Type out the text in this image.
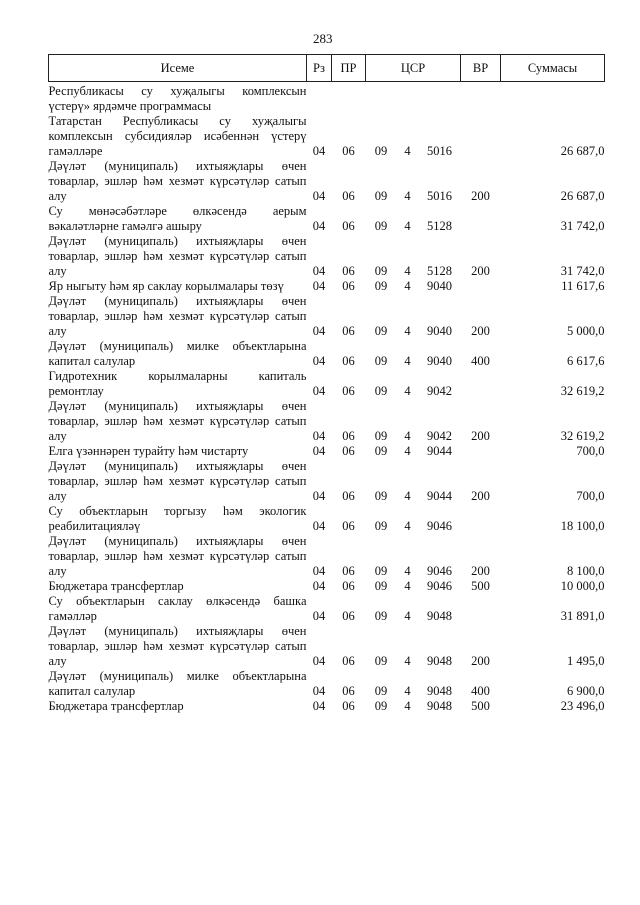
283
Исеме	Рз	ПР	ЦСР			ВР	Суммасы
Республикасы су хуҗалыгы комплексын үстерү» ярдәмче программасы							
Татарстан Республикасы су хуҗалыгы комплексын субсидияләр исәбеннән үстерү гамәлләре	04	06	09	4	5016		26 687,0
Дәүләт (муниципаль) ихтыяҗлары өчен товарлар, эшләр һәм хезмәт күрсәтүләр сатып алу	04	06	09	4	5016	200	26 687,0
Су мөнәсәбәтләре өлкәсендә аерым вәкаләтләрне гамәлгә ашыру	04	06	09	4	5128		31 742,0
Дәүләт (муниципаль) ихтыяҗлары өчен товарлар, эшләр һәм хезмәт күрсәтүләр сатып алу	04	06	09	4	5128	200	31 742,0
Яр ныгыту һәм яр саклау корылмалары төзү	04	06	09	4	9040		11 617,6
Дәүләт (муниципаль) ихтыяҗлары өчен товарлар, эшләр һәм хезмәт күрсәтүләр сатып алу	04	06	09	4	9040	200	5 000,0
Дәүләт (муниципаль) милке объектларына капитал салулар	04	06	09	4	9040	400	6 617,6
Гидротехник корылмаларны капиталь ремонтлау	04	06	09	4	9042		32 619,2
Дәүләт (муниципаль) ихтыяҗлары өчен товарлар, эшләр һәм хезмәт күрсәтүләр сатып алу	04	06	09	4	9042	200	32 619,2
Елга үзәннәрен турайту һәм чистарту	04	06	09	4	9044		700,0
Дәүләт (муниципаль) ихтыяҗлары өчен товарлар, эшләр һәм хезмәт күрсәтүләр сатып алу	04	06	09	4	9044	200	700,0
Су объектларын торгызу һәм экологик реабилитацияләү	04	06	09	4	9046		18 100,0
Дәүләт (муниципаль) ихтыяҗлары өчен товарлар, эшләр һәм хезмәт күрсәтүләр сатып алу	04	06	09	4	9046	200	8 100,0
Бюджетара трансфертлар	04	06	09	4	9046	500	10 000,0
Су объектларын саклау өлкәсендә башка гамәлләр	04	06	09	4	9048		31 891,0
Дәүләт (муниципаль) ихтыяҗлары өчен товарлар, эшләр һәм хезмәт күрсәтүләр сатып алу	04	06	09	4	9048	200	1 495,0
Дәүләт (муниципаль) милке объектларына капитал салулар	04	06	09	4	9048	400	6 900,0
Бюджетара трансфертлар	04	06	09	4	9048	500	23 496,0
